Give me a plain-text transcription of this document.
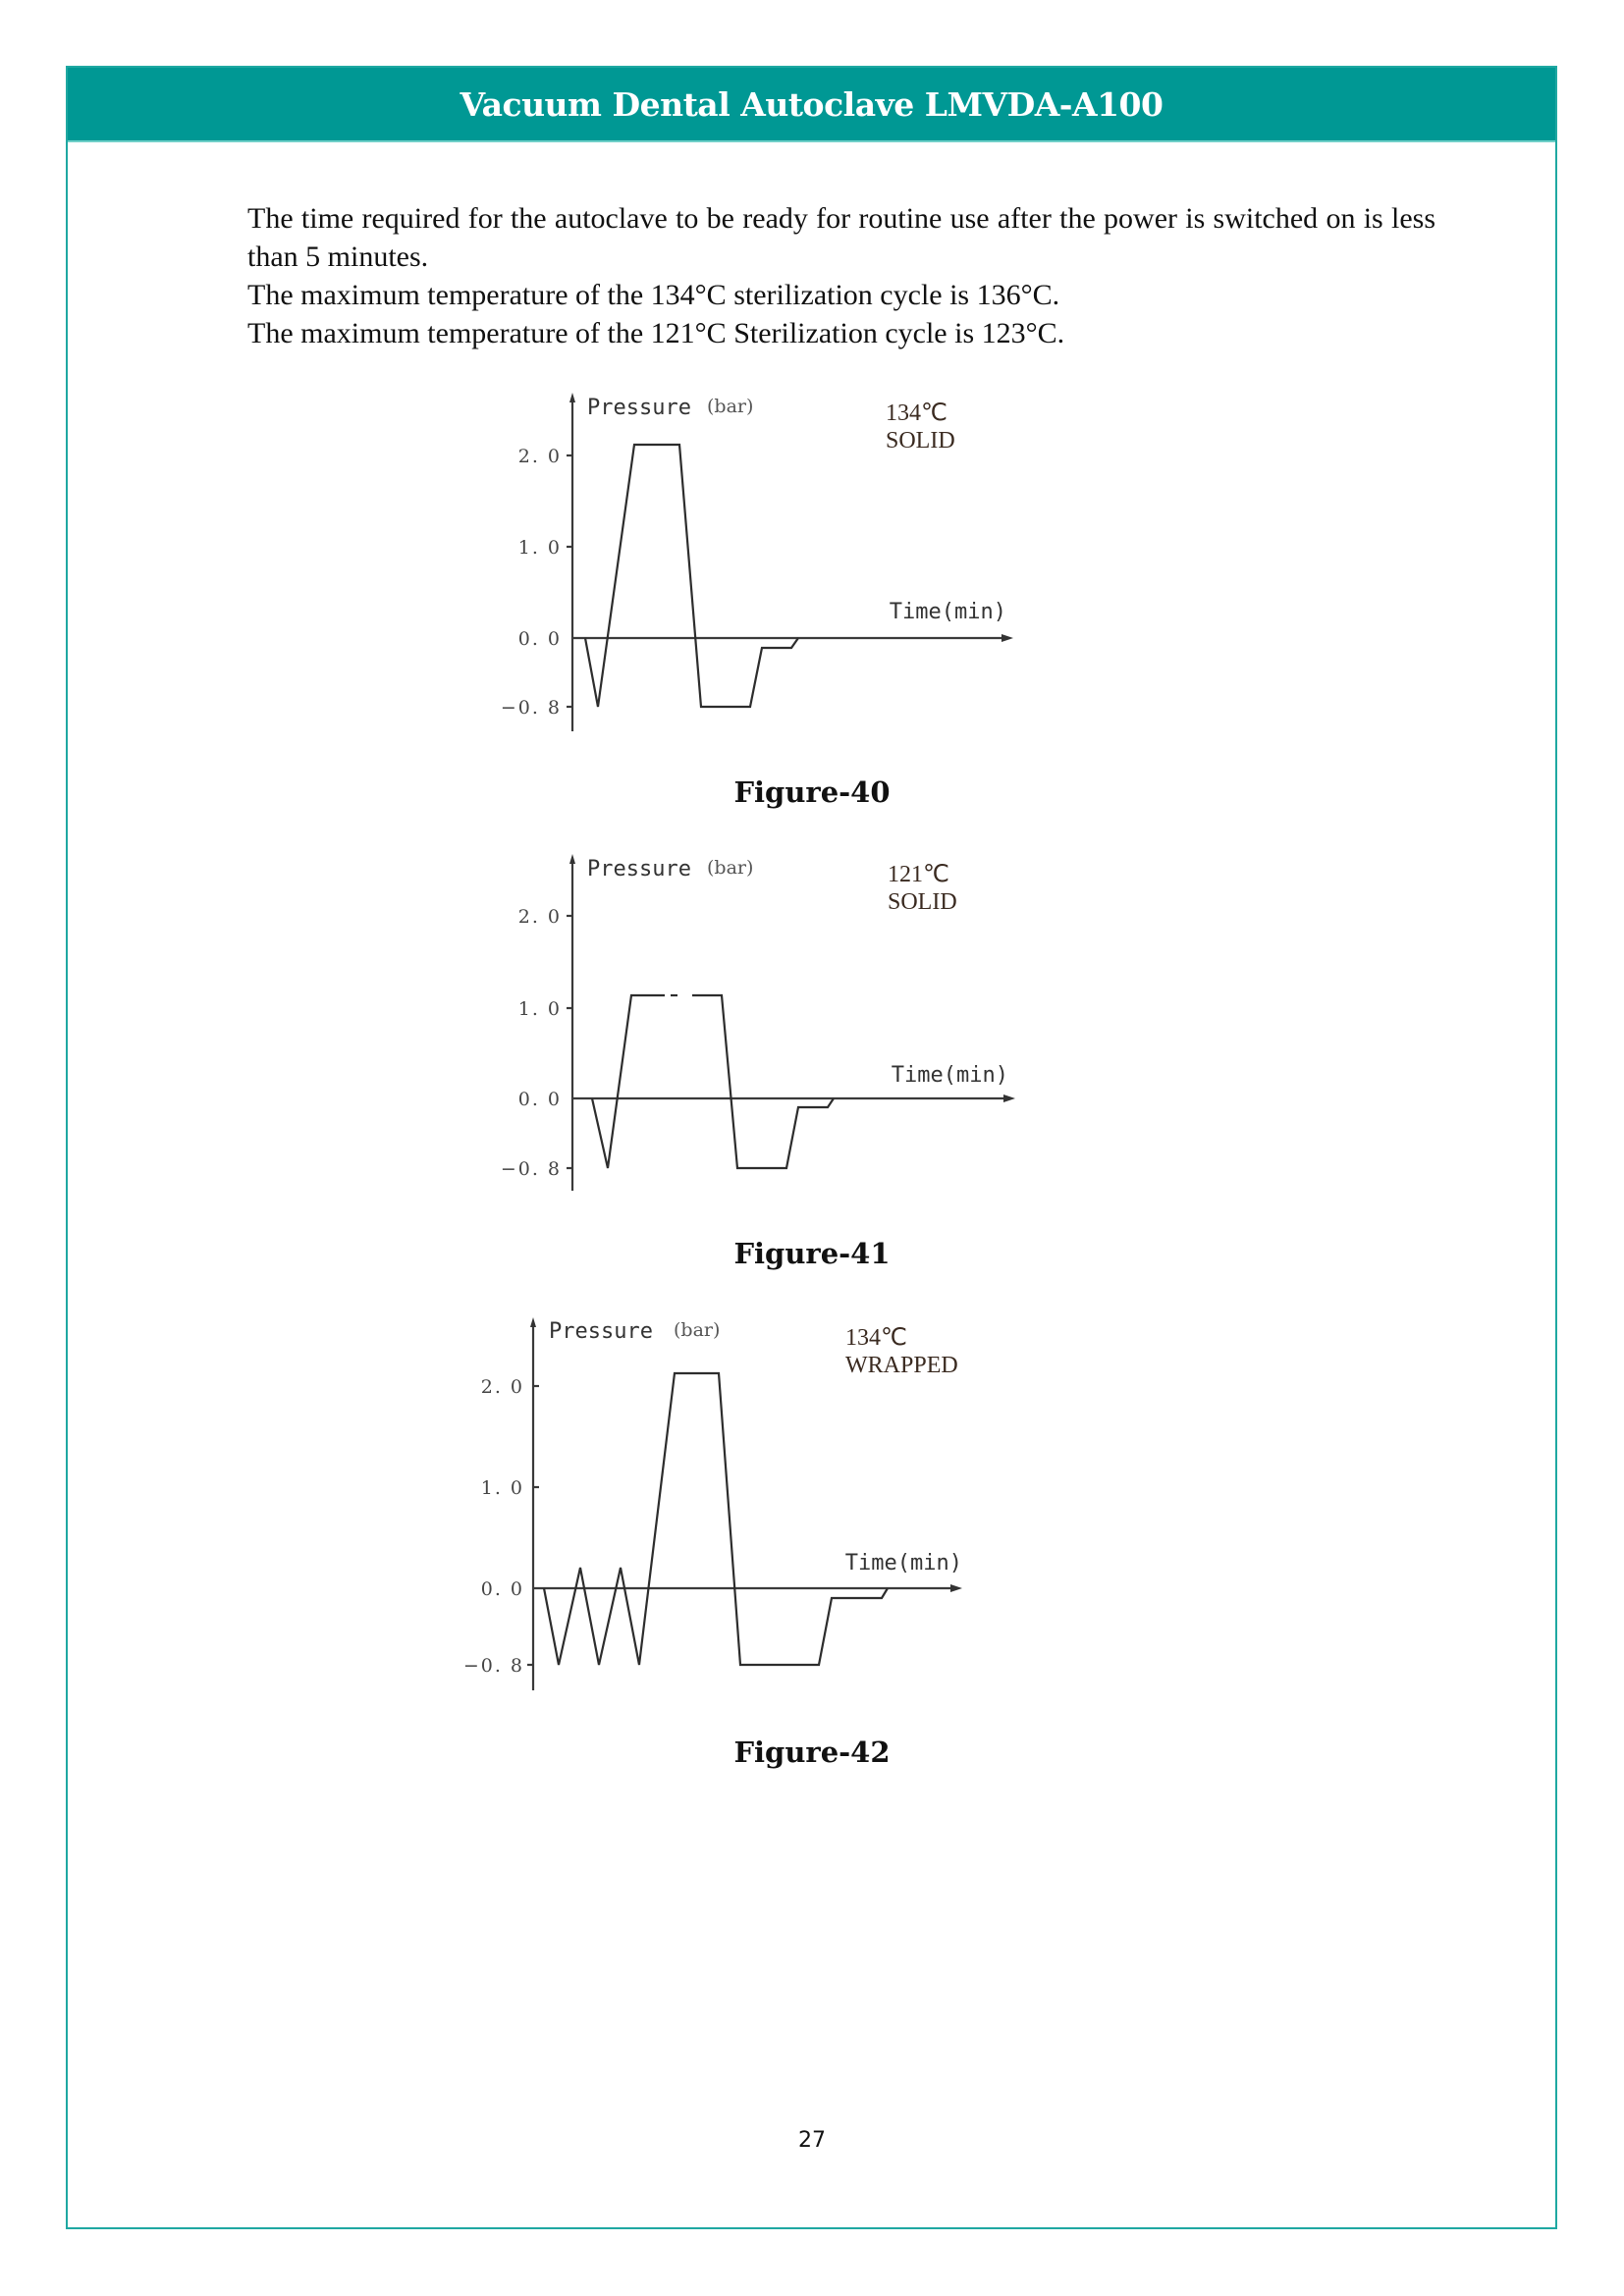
Vacuum Dental Autoclave LMVDA-A100

The time required for the autoclave to be ready for routine use after the power is switched on is less than 5 minutes.

The maximum temperature of the 134°C sterilization cycle is 136°C.

The maximum temperature of the 121°C Sterilization cycle is 123°C.

2. 0
1. 0
0. 0
−0. 8
Pressure (bar)
Time(min)
134℃
SOLID
Figure-40
2. 0
1. 0
0. 0
−0. 8
Pressure (bar)
Time(min)
121℃
SOLID
Figure-41
2. 0
1. 0
0. 0
−0. 8
Pressure (bar)
Time(min)
134℃
WRAPPED
Figure-42
27
